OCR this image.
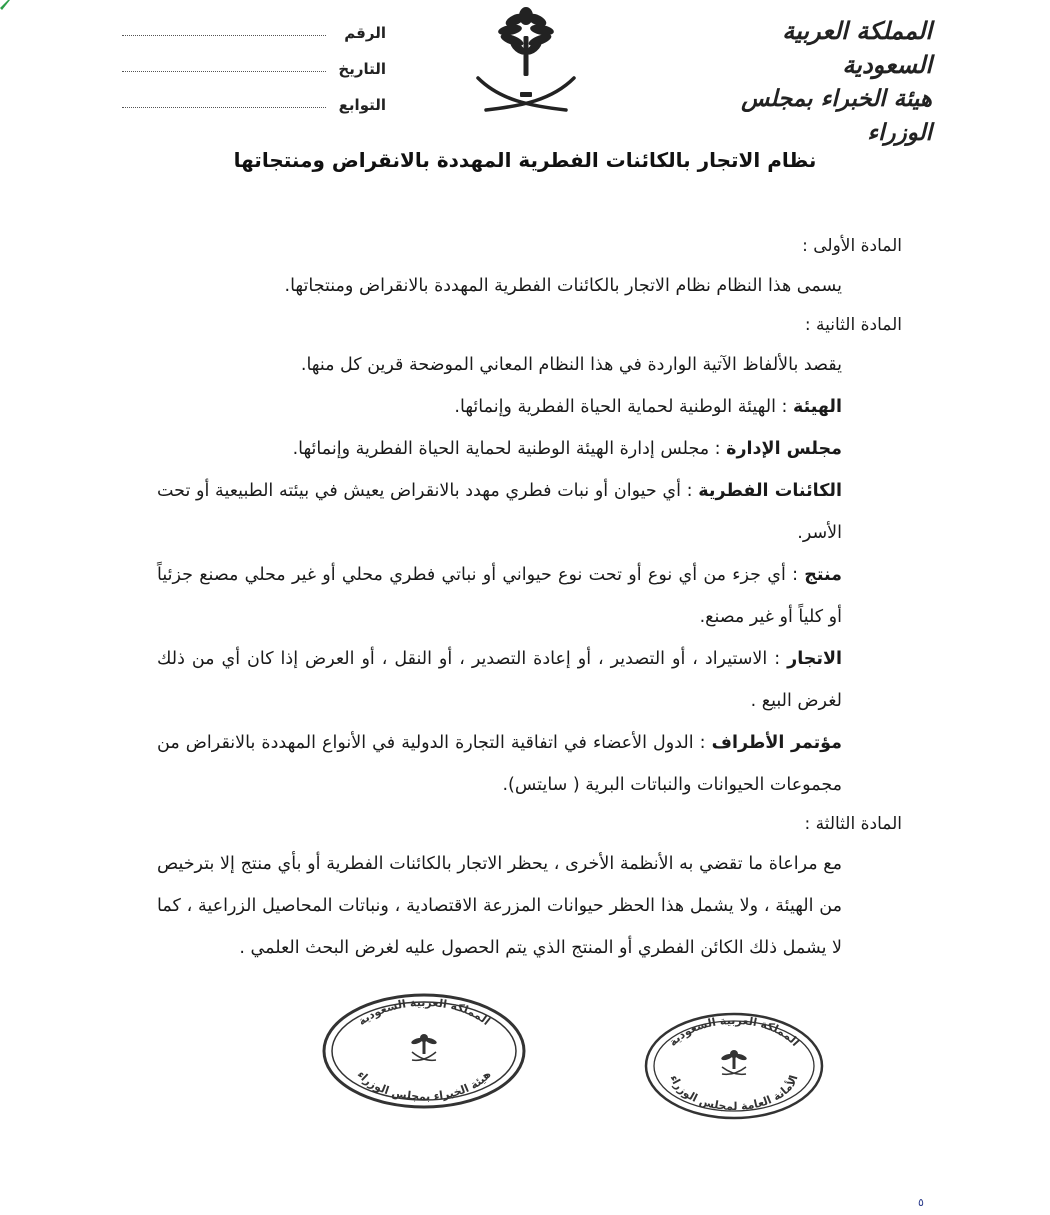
الرقم
التاريخ
التوابع
المملكة العربية السعودية
هيئة الخبراء بمجلس الوزراء
نظام الاتجار بالكائنات الفطرية المهددة بالانقراض ومنتجاتها
المادة الأولى :
يسمى هذا النظام نظام الاتجار بالكائنات الفطرية المهددة بالانقراض ومنتجاتها.
المادة الثانية :
يقصد بالألفاظ الآتية الواردة في هذا النظام المعاني الموضحة قرين كل منها.
الهيئة : الهيئة الوطنية لحماية الحياة الفطرية وإنمائها.
مجلس الإدارة : مجلس إدارة الهيئة الوطنية لحماية الحياة الفطرية وإنمائها.
الكائنات الفطرية : أي حيوان أو نبات فطري مهدد بالانقراض يعيش في بيئته الطبيعية أو تحت الأسر.
منتج : أي جزء من أي نوع أو تحت نوع حيواني أو نباتي فطري محلي أو غير محلي مصنع جزئياً أو كلياً أو غير مصنع.
الاتجار : الاستيراد ، أو التصدير ، أو إعادة التصدير ، أو النقل ، أو العرض إذا كان أي من ذلك لغرض البيع .
مؤتمر الأطراف : الدول الأعضاء في اتفاقية التجارة الدولية في الأنواع المهددة بالانقراض من مجموعات الحيوانات والنباتات البرية ( سايتس).
المادة الثالثة :
مع مراعاة ما تقضي به الأنظمة الأخرى ، يحظر الاتجار بالكائنات الفطرية أو بأي منتج إلا بترخيص من الهيئة ، ولا يشمل هذا الحظر حيوانات المزرعة الاقتصادية ، ونباتات المحاصيل الزراعية ، كما لا يشمل ذلك الكائن الفطري أو المنتج الذي يتم الحصول عليه لغرض البحث العلمي .
المملكة العربية السعودية
هيئة الخبراء بمجلس الوزراء
المملكة العربية السعودية
الأمانة العامة لمجلس الوزراء
٥
